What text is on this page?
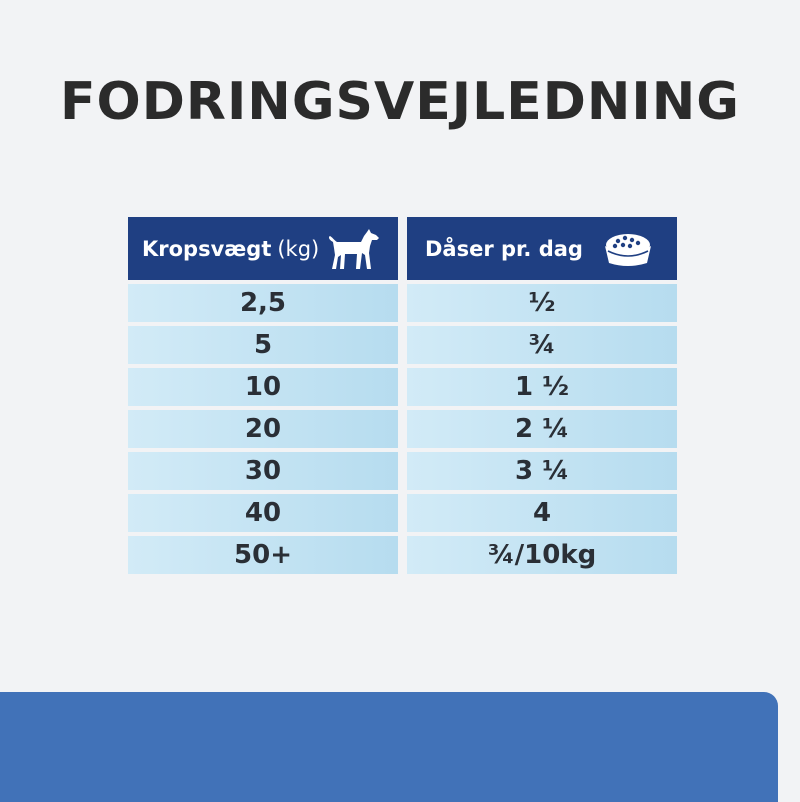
FODRINGSVEJLEDNING
Kropsvægt (kg)	Dåser pr. dag
2,5	½
5	¾
10	1 ½
20	2 ¼
30	3 ¼
40	4
50+	¾/10kg
